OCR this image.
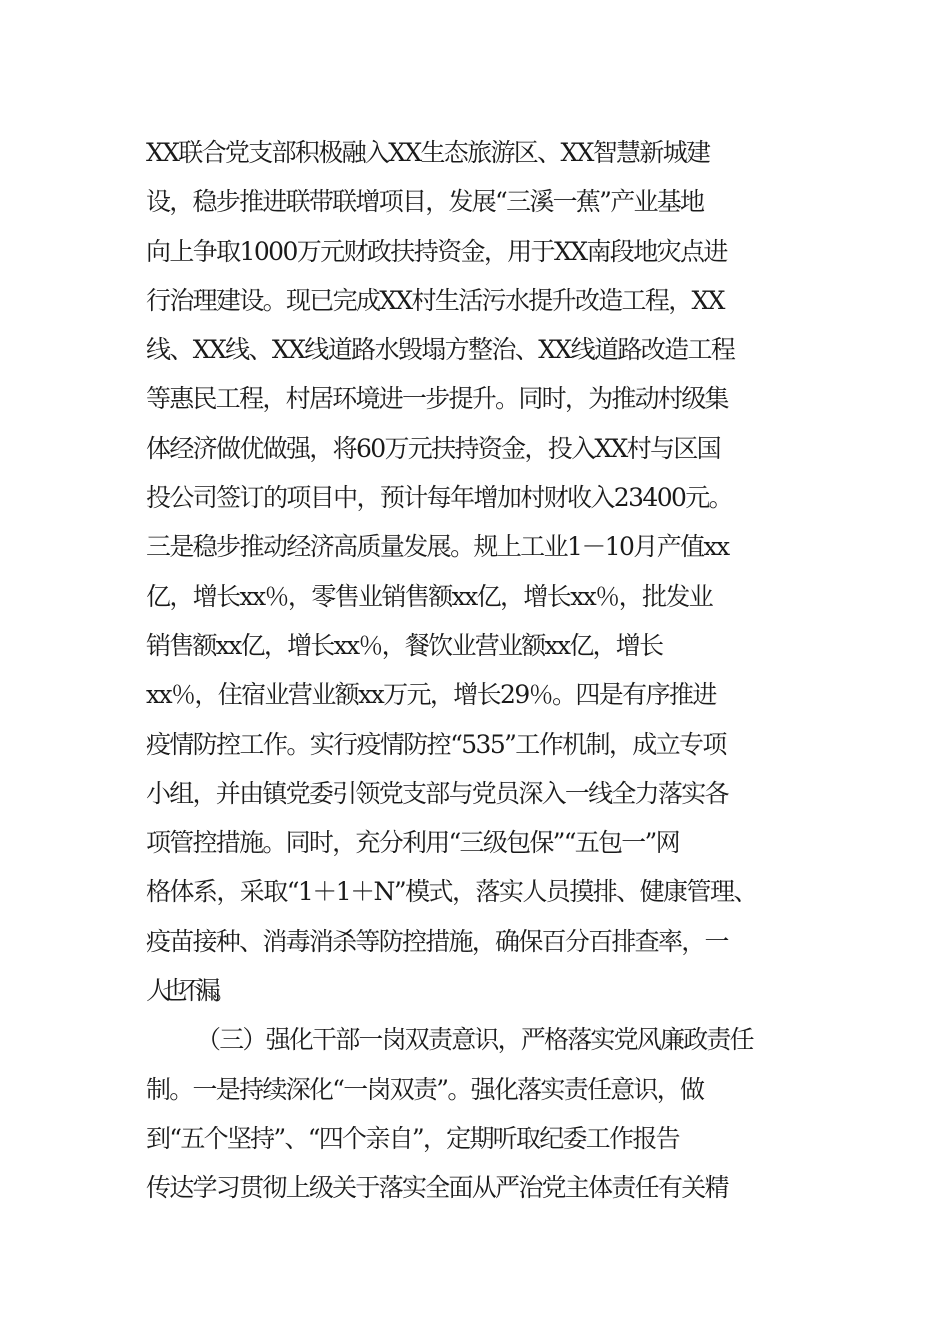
XX联合党支部积极融入XX生态旅游区、XX智慧新城建
设，稳步推进联带联增项目，发展“三溪一蕉”产业基地
向上争取1000万元财政扶持资金，用于XX南段地灾点进
行治理建设。现已完成XX村生活污水提升改造工程，XX
线、XX线、XX线道路水毁塌方整治、XX线道路改造工程
等惠民工程，村居环境进一步提升。同时，为推动村级集
体经济做优做强，将60万元扶持资金，投入XX村与区国
投公司签订的项目中，预计每年增加村财收入23400元。
三是稳步推动经济高质量发展。规上工业1－10月产值xx
亿，增长xx％，零售业销售额xx亿，增长xx％，批发业
销售额xx亿，增长xx％，餐饮业营业额xx亿，增长
xx％，住宿业营业额xx万元，增长29％。四是有序推进
疫情防控工作。实行疫情防控“535”工作机制，成立专项
小组，并由镇党委引领党支部与党员深入一线全力落实各
项管控措施。同时，充分利用“三级包保”“五包一”网
格体系，采取“1＋1＋N”模式，落实人员摸排、健康管理、
疫苗接种、消毒消杀等防控措施，确保百分百排查率，一
人也不漏。
（三）强化干部一岗双责意识，严格落实党风廉政责任
制。一是持续深化“一岗双责”。强化落实责任意识，做
到“五个坚持”、“四个亲自”，定期听取纪委工作报告
传达学习贯彻上级关于落实全面从严治党主体责任有关精
